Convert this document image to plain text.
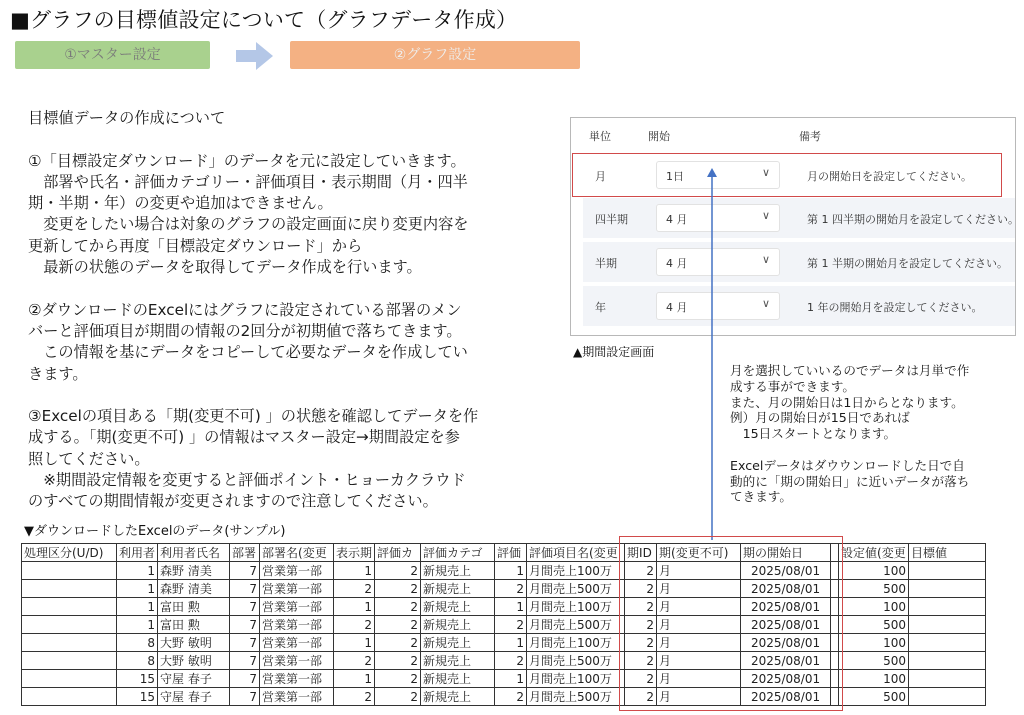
■グラフの目標値設定について（グラフデータ作成）
①マスター設定	②グラフ設定

目標値データの作成について

①「目標設定ダウンロード」のデータを元に設定していきます。

　部署や氏名・評価カテゴリー・評価項目・表示期間（月・四半

期・半期・年）の変更や追加はできません。

　変更をしたい場合は対象のグラフの設定画面に戻り変更内容を

更新してから再度「目標設定ダウンロード」から

　最新の状態のデータを取得してデータ作成を行います。

②ダウンロードのExcelにはグラフに設定されている部署のメン

バーと評価項目が期間の情報の2回分が初期値で落ちてきます。

　この情報を基にデータをコピーして必要なデータを作成してい

きます。

③Excelの項目ある「期(変更不可) 」の状態を確認してデータを作

成する。「期(変更不可) 」の情報はマスター設定→期間設定を参

照してください。

　※期間設定情報を変更すると評価ポイント・ヒョーカクラウド

のすべての期間情報が変更されますので注意してください。

単位	開始	備考
月	1日	∨	月の開始日を設定してください。
四半期	4 月	∨	第 1 四半期の開始月を設定してください。
半期	4 月	∨	第 1 半期の開始月を設定してください。
年	4 月	∨	1 年の開始月を設定してください。
▲期間設定画面

月を選択していいるのでデータは月単で作

成する事ができます。

また、月の開始日は1日からとなります。

例）月の開始日が15日であれば

　15日スタートとなります。

Excelデータはダウウンロードした日で自

動的に「期の開始日」に近いデータが落ち

てきます。

▼ダウンロードしたExcelのデータ(サンプル)
処理区分(U/D)	利用者	利用者氏名	部署	部署名(変更	表示期	評価カ	評価カテゴ	評価	評価項目名(変更	期ID	期(変更不可)	期の開始日		設定値(変更	目標値
	1	森野 清美	7	営業第一部	1	2	新規売上	1	月間売上100万	2	月	2025/08/01		100	
	1	森野 清美	7	営業第一部	2	2	新規売上	2	月間売上500万	2	月	2025/08/01		500	
	1	富田 勲	7	営業第一部	1	2	新規売上	1	月間売上100万	2	月	2025/08/01		100	
	1	富田 勲	7	営業第一部	2	2	新規売上	2	月間売上500万	2	月	2025/08/01		500	
	8	大野 敏明	7	営業第一部	1	2	新規売上	1	月間売上100万	2	月	2025/08/01		100	
	8	大野 敏明	7	営業第一部	2	2	新規売上	2	月間売上500万	2	月	2025/08/01		500	
	15	守屋 春子	7	営業第一部	1	2	新規売上	1	月間売上100万	2	月	2025/08/01		100	
	15	守屋 春子	7	営業第一部	2	2	新規売上	2	月間売上500万	2	月	2025/08/01		500	
